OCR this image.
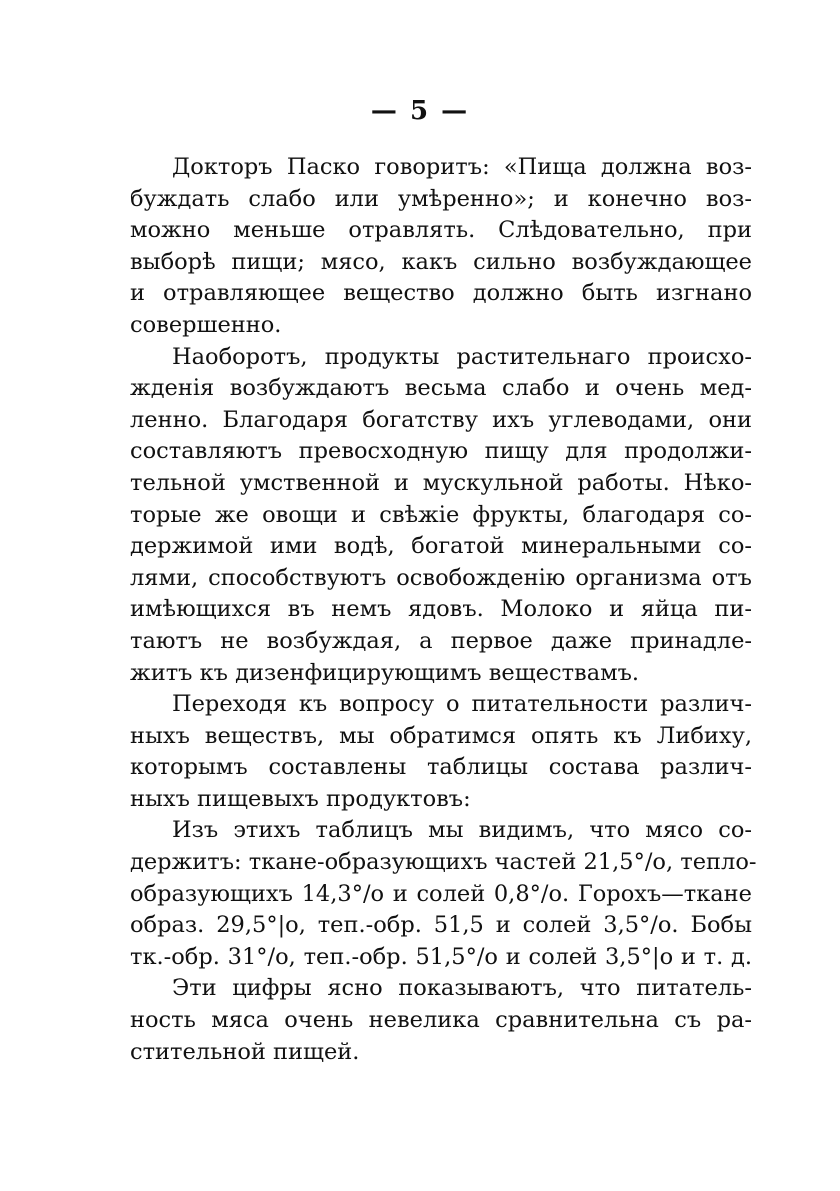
— 5 —

Докторъ Паско говоритъ: «Пища должна воз-
буждать слабо или умѣренно»; и конечно воз-
можно меньше отравлять. Слѣдовательно, при
выборѣ пищи; мясо, какъ сильно возбуждающее
и отравляющее вещество должно быть изгнано
совершенно.

Наоборотъ, продукты растительнаго происхо-
жденія возбуждаютъ весьма слабо и очень мед-
ленно. Благодаря богатству ихъ углеводами, они
составляютъ превосходную пищу для продолжи-
тельной умственной и мускульной работы. Нѣко-
торые же овощи и свѣжіе фрукты, благодаря со-
держимой ими водѣ, богатой минеральными со-
лями, способствуютъ освобожденію организма отъ
имѣющихся въ немъ ядовъ. Молоко и яйца пи-
таютъ не возбуждая, а первое даже принадле-
житъ къ дизенфицирующимъ веществамъ.

Переходя къ вопросу о питательности различ-
ныхъ веществъ, мы обратимся опять къ Либиху,
которымъ составлены таблицы состава различ-
ныхъ пищевыхъ продуктовъ:

Изъ этихъ таблицъ мы видимъ, что мясо со-
держитъ: ткане-образующихъ частей 21,5°/о, тепло-
образующихъ 14,3°/о и солей 0,8°/о. Горохъ—ткане
образ. 29,5°|о, теп.-обр. 51,5 и солей 3,5°/о. Бобы
тк.-обр. 31°/о, теп.-обр. 51,5°/о и солей 3,5°|о и т. д.

Эти цифры ясно показываютъ, что питатель-
ность мяса очень невелика сравнительна съ ра-
стительной пищей.
